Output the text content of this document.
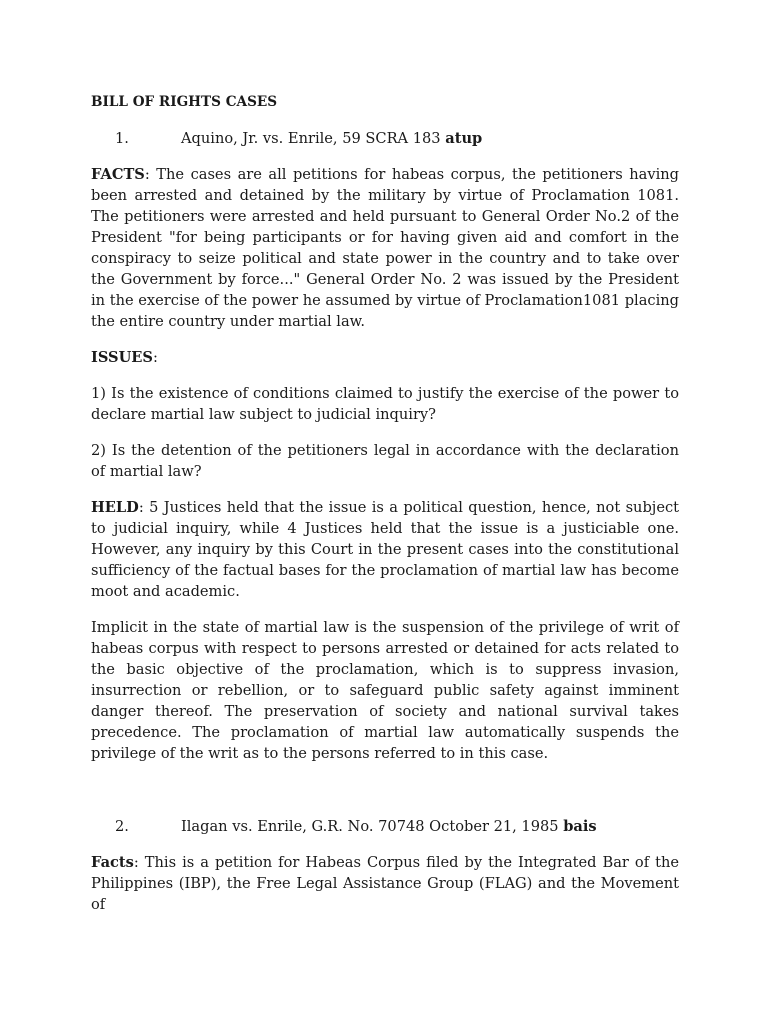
BILL OF RIGHTS CASES
1.	Aquino, Jr. vs. Enrile, 59 SCRA 183 atup

FACTS: The cases are all petitions for habeas corpus, the petitioners having been arrested and detained by the military by virtue of Proclamation 1081. The petitioners were arrested and held pursuant to General Order No.2 of the President "for being participants or for having given aid and comfort in the conspiracy to seize political and state power in the country and to take over the Government by force..." General Order No. 2 was issued by the President in the exercise of the power he assumed by virtue of Proclamation1081 placing the entire country under martial law.

ISSUES:

1) Is the existence of conditions claimed to justify the exercise of the power to declare martial law subject to judicial inquiry?

2) Is the detention of the petitioners legal in accordance with the declaration of martial law?

HELD: 5 Justices held that the issue is a political question, hence, not subject to judicial inquiry, while 4 Justices held that the issue is a justiciable one. However, any inquiry by this Court in the present cases into the constitutional sufficiency of the factual bases for the proclamation of martial law has become moot and academic.

Implicit in the state of martial law is the suspension of the privilege of writ of habeas corpus with respect to persons arrested or detained for acts related to the basic objective of the proclamation, which is to suppress invasion, insurrection or rebellion, or to safeguard public safety against imminent danger thereof. The preservation of society and national survival takes precedence. The proclamation of martial law automatically suspends the privilege of the writ as to the persons referred to in this case.

2.	Ilagan vs. Enrile, G.R. No. 70748 October 21, 1985 bais

Facts: This is a petition for Habeas Corpus filed by the Integrated Bar of the Philippines (IBP), the Free Legal Assistance Group (FLAG) and the Movement of
